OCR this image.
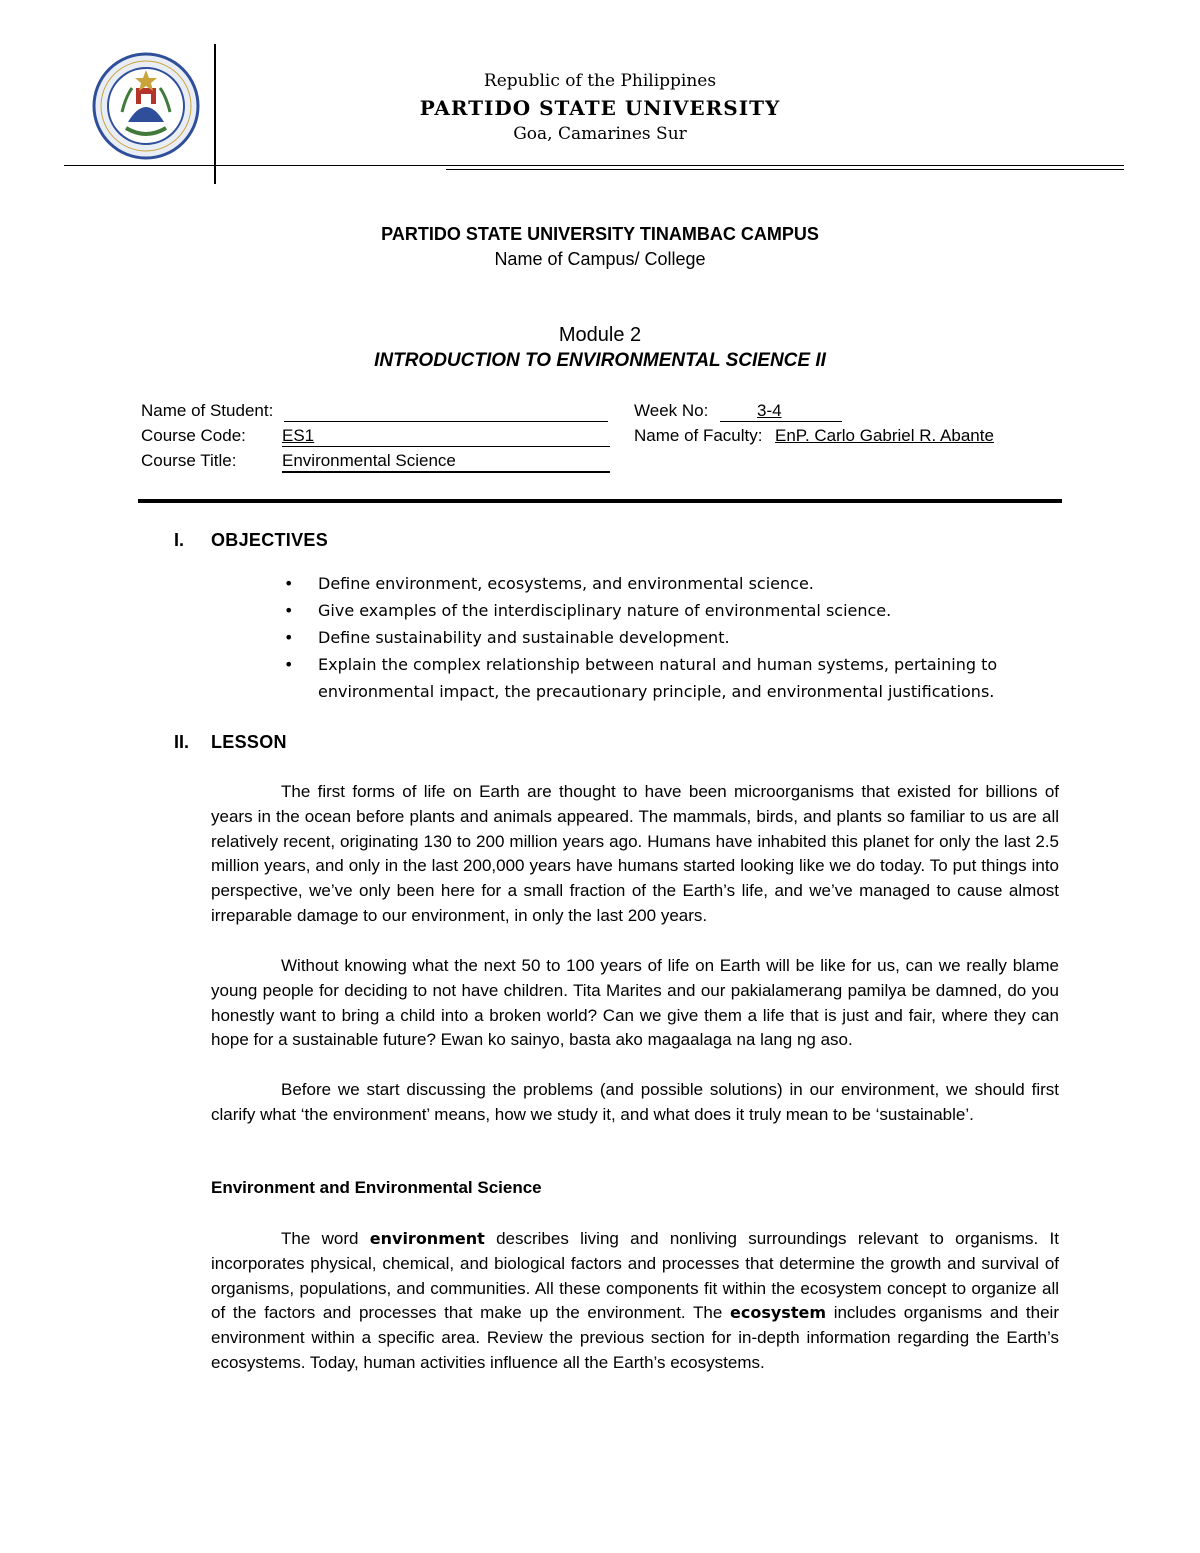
Republic of the Philippines
PARTIDO STATE UNIVERSITY
Goa, Camarines Sur
PARTIDO STATE UNIVERSITY TINAMBAC CAMPUS
Name of Campus/ College
Module 2
INTRODUCTION TO ENVIRONMENTAL SCIENCE II
Name of Student:	Week No:	3-4
Course Code: ES1	Name of Faculty: EnP. Carlo Gabriel R. Abante
Course Title:	Environmental Science
I. OBJECTIVES
• Define environment, ecosystems, and environmental science.
• Give examples of the interdisciplinary nature of environmental science.
• Define sustainability and sustainable development.
• Explain the complex relationship between natural and human systems, pertaining to environmental impact, the precautionary principle, and environmental justifications.
II. LESSON
The first forms of life on Earth are thought to have been microorganisms that existed for billions of years in the ocean before plants and animals appeared. The mammals, birds, and plants so familiar to us are all relatively recent, originating 130 to 200 million years ago. Humans have inhabited this planet for only the last 2.5 million years, and only in the last 200,000 years have humans started looking like we do today. To put things into perspective, we’ve only been here for a small fraction of the Earth’s life, and we’ve managed to cause almost irreparable damage to our environment, in only the last 200 years.
Without knowing what the next 50 to 100 years of life on Earth will be like for us, can we really blame young people for deciding to not have children. Tita Marites and our pakialamerang pamilya be damned, do you honestly want to bring a child into a broken world? Can we give them a life that is just and fair, where they can hope for a sustainable future? Ewan ko sainyo, basta ako magaalaga na lang ng aso.
Before we start discussing the problems (and possible solutions) in our environment, we should first clarify what ‘the environment’ means, how we study it, and what does it truly mean to be ‘sustainable’.
Environment and Environmental Science
The word environment describes living and nonliving surroundings relevant to organisms. It incorporates physical, chemical, and biological factors and processes that determine the growth and survival of organisms, populations, and communities. All these components fit within the ecosystem concept to organize all of the factors and processes that make up the environment. The ecosystem includes organisms and their environment within a specific area. Review the previous section for in-depth information regarding the Earth’s ecosystems. Today, human activities influence all the Earth’s ecosystems.
